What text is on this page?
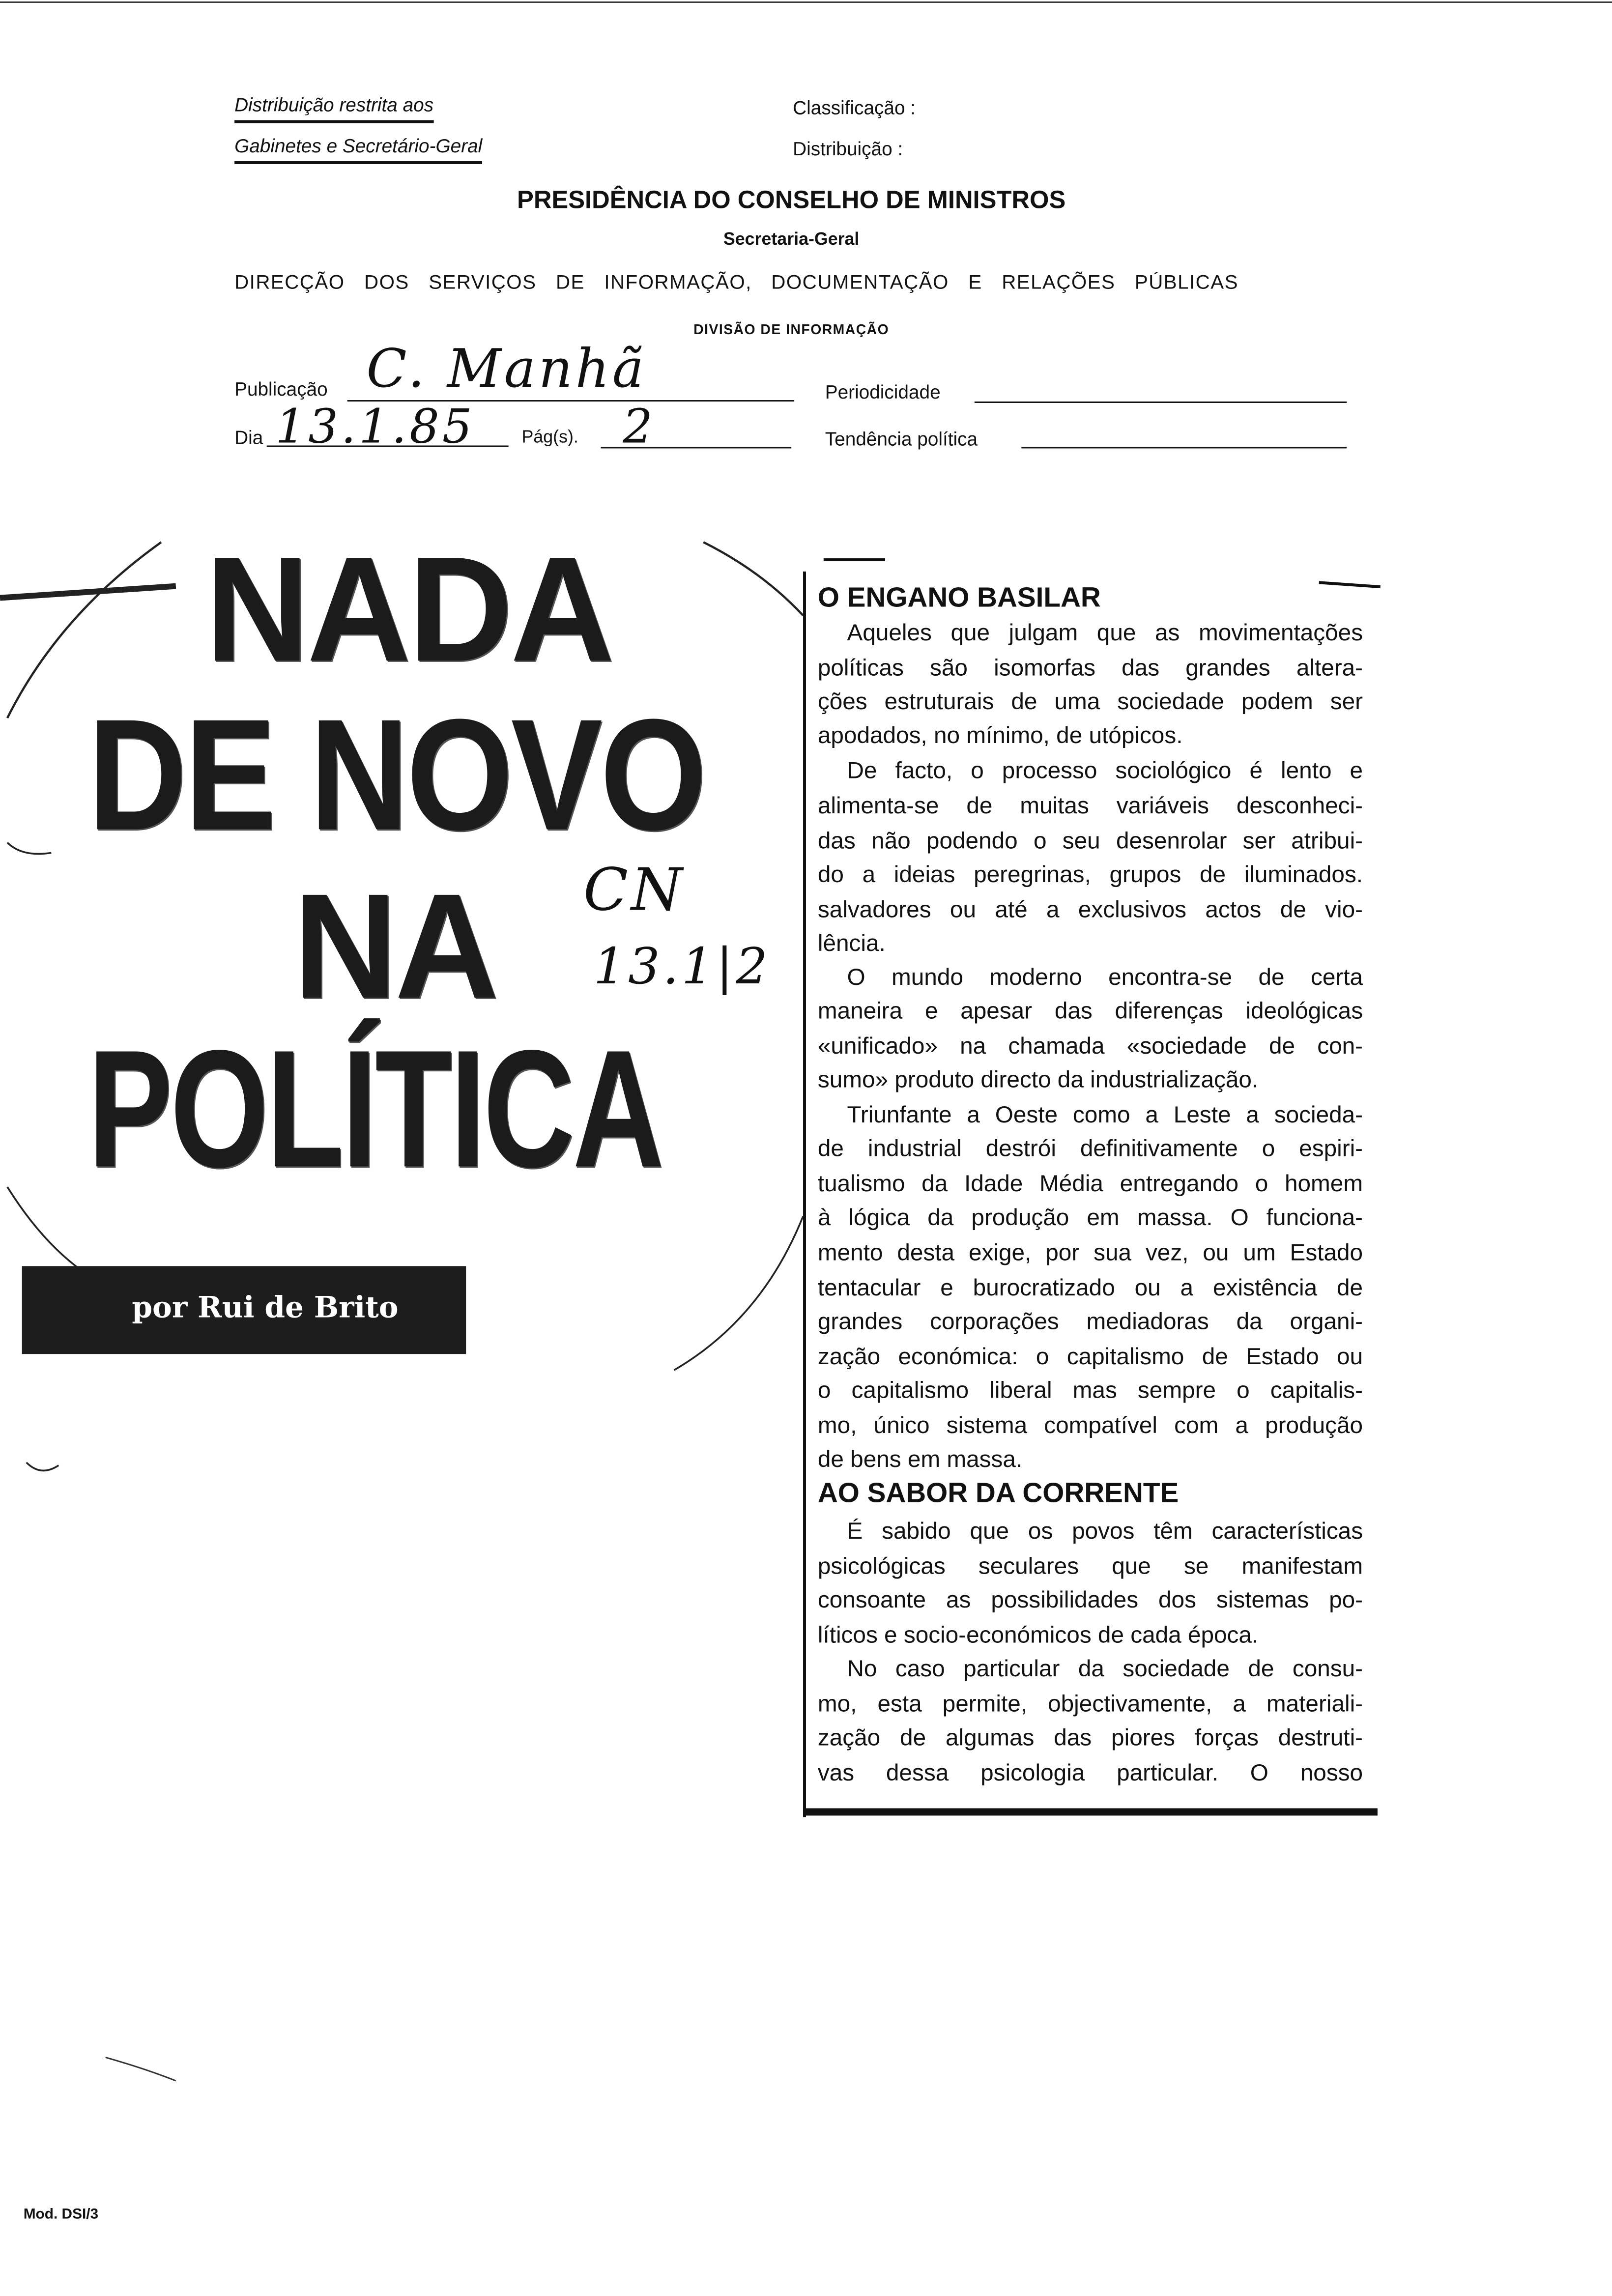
Distribuição restrita aos
Gabinetes e Secretário-Geral
Classificação :
Distribuição :
PRESIDÊNCIA DO CONSELHO DE MINISTROS
Secretaria-Geral
DIRECÇÃO DOS SERVIÇOS DE INFORMAÇÃO, DOCUMENTAÇÃO E RELAÇÕES PÚBLICAS
DIVISÃO DE INFORMAÇÃO
Publicação C. Manhã	Periodicidade
Dia 13.1.85	Pág(s).	2	Tendência política
NADA
DE NOVO
NA
POLÍTICA
por Rui de Brito
CN
13.1|2
O ENGANO BASILAR
Aqueles que julgam que as movimentações
políticas são isomorfas das grandes altera-
ções estruturais de uma sociedade podem ser
apodados, no mínimo, de utópicos.
De facto, o processo sociológico é lento e
alimenta-se de muitas variáveis desconheci-
das não podendo o seu desenrolar ser atribui-
do a ideias peregrinas, grupos de iluminados.
salvadores ou até a exclusivos actos de vio-
lência.
O mundo moderno encontra-se de certa
maneira e apesar das diferenças ideológicas
«unificado» na chamada «sociedade de con-
sumo» produto directo da industrialização.
Triunfante a Oeste como a Leste a socieda-
de industrial destrói definitivamente o espiri-
tualismo da Idade Média entregando o homem
à lógica da produção em massa. O funciona-
mento desta exige, por sua vez, ou um Estado
tentacular e burocratizado ou a existência de
grandes corporações mediadoras da organi-
zação económica: o capitalismo de Estado ou
o capitalismo liberal mas sempre o capitalis-
mo, único sistema compatível com a produção
de bens em massa.
AO SABOR DA CORRENTE
É sabido que os povos têm características
psicológicas seculares que se manifestam
consoante as possibilidades dos sistemas po-
líticos e socio-económicos de cada época.
No caso particular da sociedade de consu-
mo, esta permite, objectivamente, a materiali-
zação de algumas das piores forças destruti-
vas dessa psicologia particular. O nosso
Mod. DSI/3
